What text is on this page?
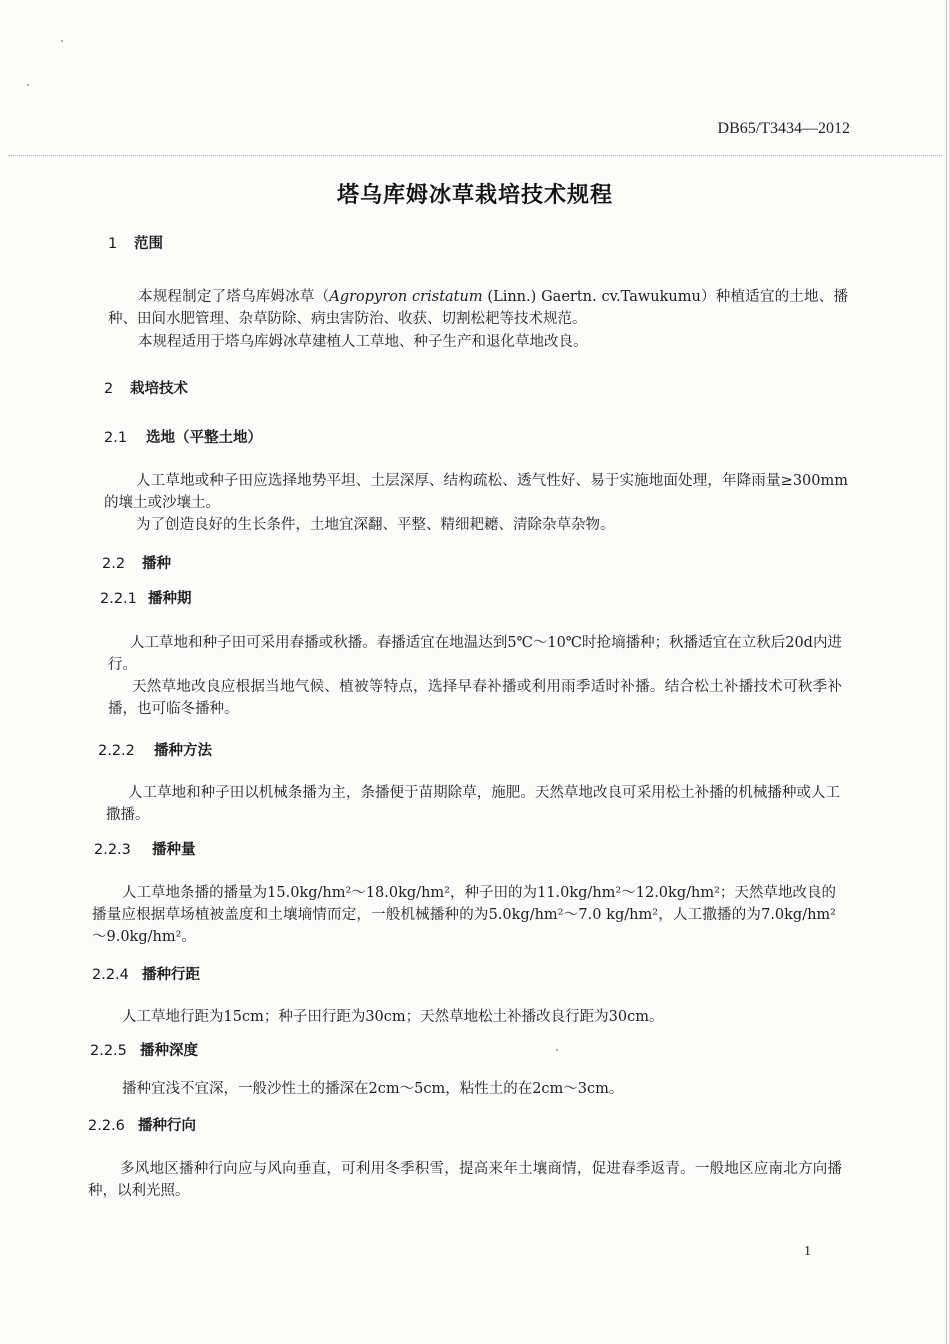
DB65/T3434—2012
塔乌库姆冰草栽培技术规程
1 范围
本规程制定了塔乌库姆冰草（Agropyron cristatum (Linn.) Gaertn. cv.Tawukumu）种植适宜的土地、播种、田间水肥管理、杂草防除、病虫害防治、收获、切割松耙等技术规范。
本规程适用于塔乌库姆冰草建植人工草地、种子生产和退化草地改良。
2 栽培技术
2.1 选地（平整土地）
人工草地或种子田应选择地势平坦、土层深厚、结构疏松、透气性好、易于实施地面处理，年降雨量≥300mm 的壤土或沙壤土。
为了创造良好的生长条件，土地宜深翻、平整、精细耙耱、清除杂草杂物。
2.2 播种
2.2.1 播种期
人工草地和种子田可采用春播或秋播。春播适宜在地温达到5℃～10℃时抢墒播种；秋播适宜在立秋后20d内进行。
天然草地改良应根据当地气候、植被等特点，选择早春补播或利用雨季适时补播。结合松土补播技术可秋季补播，也可临冬播种。
2.2.2 播种方法
人工草地和种子田以机械条播为主，条播便于苗期除草，施肥。天然草地改良可采用松土补播的机械播种或人工撒播。
2.2.3 播种量
人工草地条播的播量为15.0kg/hm²～18.0kg/hm²，种子田的为11.0kg/hm²～12.0kg/hm²；天然草地改良的播量应根据草场植被盖度和土壤墒情而定，一般机械播种的为5.0kg/hm²～7.0 kg/hm²，人工撒播的为7.0kg/hm²～9.0kg/hm²。
2.2.4 播种行距
人工草地行距为15cm；种子田行距为30cm；天然草地松土补播改良行距为30cm。
2.2.5 播种深度
播种宜浅不宜深，一般沙性土的播深在2cm～5cm，粘性土的在2cm～3cm。
2.2.6 播种行向
多风地区播种行向应与风向垂直，可利用冬季积雪，提高来年土壤商情，促进春季返青。一般地区应南北方向播种，以利光照。
1
